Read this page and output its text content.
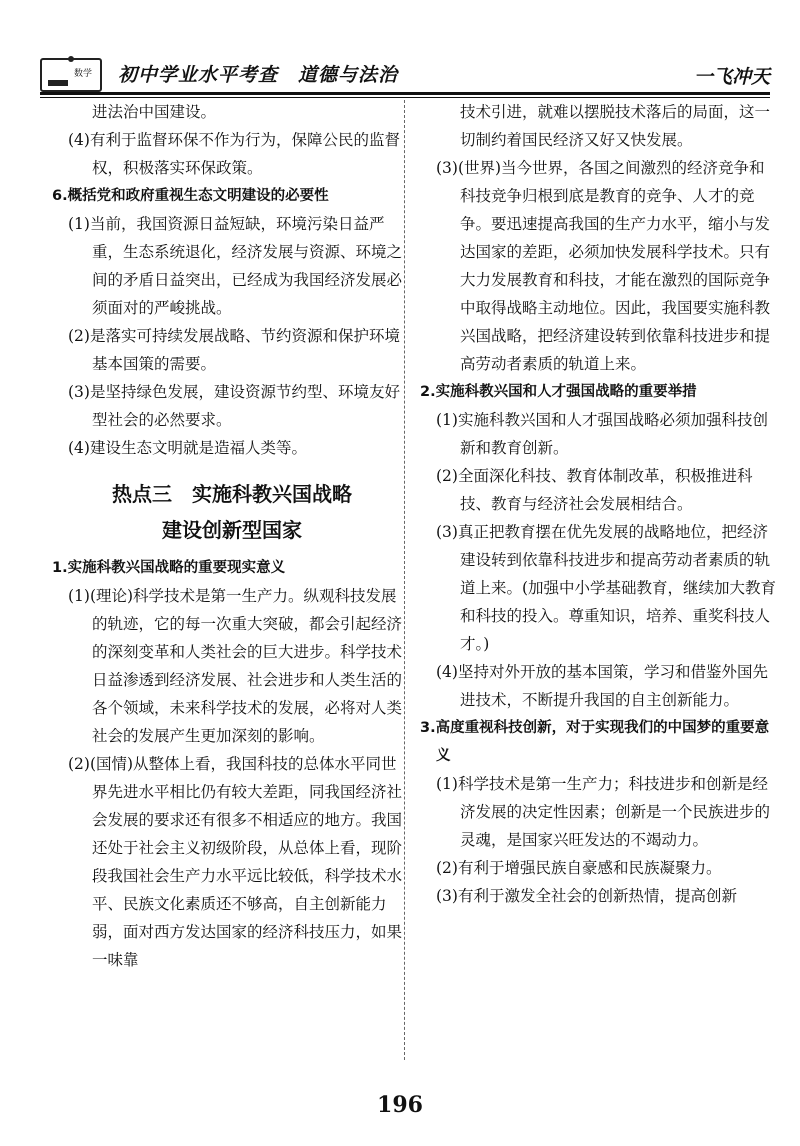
数学 初中学业水平考查　道德与法治	一飞冲天

进法治中国建设。

(4)有利于监督环保不作为行为，保障公民的监督权，积极落实环保政策。

6.概括党和政府重视生态文明建设的必要性

(1)当前，我国资源日益短缺，环境污染日益严重，生态系统退化，经济发展与资源、环境之间的矛盾日益突出，已经成为我国经济发展必须面对的严峻挑战。

(2)是落实可持续发展战略、节约资源和保护环境基本国策的需要。

(3)是坚持绿色发展，建设资源节约型、环境友好型社会的必然要求。

(4)建设生态文明就是造福人类等。

热点三　实施科教兴国战略

建设创新型国家

1.实施科教兴国战略的重要现实意义

(1)(理论)科学技术是第一生产力。纵观科技发展的轨迹，它的每一次重大突破，都会引起经济的深刻变革和人类社会的巨大进步。科学技术日益渗透到经济发展、社会进步和人类生活的各个领域，未来科学技术的发展，必将对人类社会的发展产生更加深刻的影响。

(2)(国情)从整体上看，我国科技的总体水平同世界先进水平相比仍有较大差距，同我国经济社会发展的要求还有很多不相适应的地方。我国还处于社会主义初级阶段，从总体上看，现阶段我国社会生产力水平远比较低，科学技术水平、民族文化素质还不够高，自主创新能力弱，面对西方发达国家的经济科技压力，如果一味靠

技术引进，就难以摆脱技术落后的局面，这一切制约着国民经济又好又快发展。

(3)(世界)当今世界，各国之间激烈的经济竞争和科技竞争归根到底是教育的竞争、人才的竞争。要迅速提高我国的生产力水平，缩小与发达国家的差距，必须加快发展科学技术。只有大力发展教育和科技，才能在激烈的国际竞争中取得战略主动地位。因此，我国要实施科教兴国战略，把经济建设转到依靠科技进步和提高劳动者素质的轨道上来。

2.实施科教兴国和人才强国战略的重要举措

(1)实施科教兴国和人才强国战略必须加强科技创新和教育创新。

(2)全面深化科技、教育体制改革，积极推进科技、教育与经济社会发展相结合。

(3)真正把教育摆在优先发展的战略地位，把经济建设转到依靠科技进步和提高劳动者素质的轨道上来。(加强中小学基础教育，继续加大教育和科技的投入。尊重知识，培养、重奖科技人才。)

(4)坚持对外开放的基本国策，学习和借鉴外国先进技术，不断提升我国的自主创新能力。

3.高度重视科技创新，对于实现我们的中国梦的重要意义

(1)科学技术是第一生产力；科技进步和创新是经济发展的决定性因素；创新是一个民族进步的灵魂，是国家兴旺发达的不竭动力。

(2)有利于增强民族自豪感和民族凝聚力。

(3)有利于激发全社会的创新热情，提高创新

196
